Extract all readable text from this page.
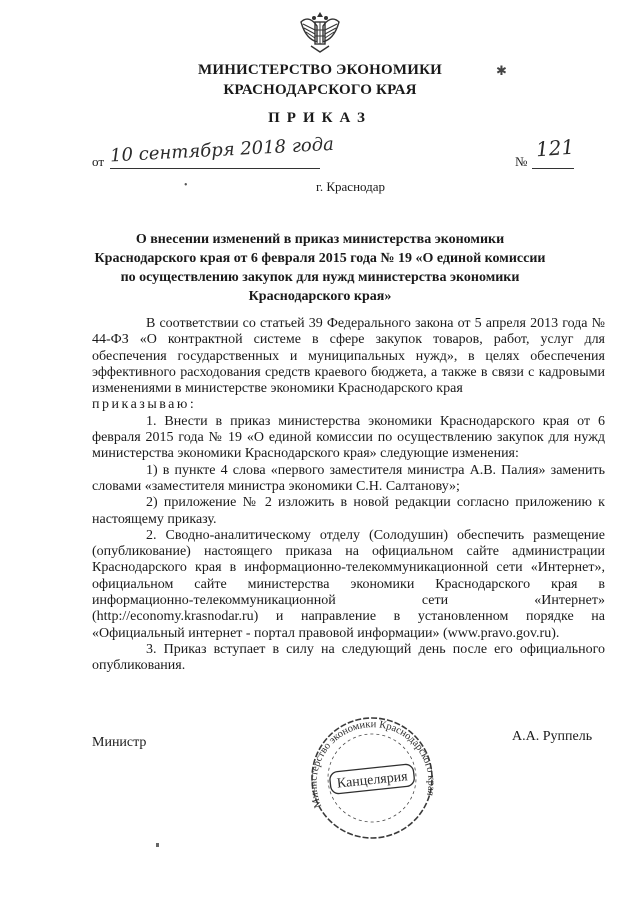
МИНИСТЕРСТВО ЭКОНОМИКИ
КРАСНОДАРСКОГО КРАЯ
✱
ПРИКАЗ
от 10 сентября 2018 года	№
121
•	г. Краснодар
О внесении изменений в приказ министерства экономики
Краснодарского края от 6 февраля 2015 года № 19 «О единой комиссии
по осуществлению закупок для нужд министерства экономики
Краснодарского края»

В соответствии со статьей 39 Федерального закона от 5 апреля 2013 года № 44-ФЗ «О контрактной системе в сфере закупок товаров, работ, услуг для обеспечения государственных и муниципальных нужд», в целях обеспечения эффективного расходования средств краевого бюджета, а также в связи с кадровыми изменениями в министерстве экономики Краснодарского края

приказываю:

1. Внести в приказ министерства экономики Краснодарского края от 6 февраля 2015 года № 19 «О единой комиссии по осуществлению закупок для нужд министерства экономики Краснодарского края» следующие изменения:

1) в пункте 4 слова «первого заместителя министра А.В. Палия» заменить словами «заместителя министра экономики С.Н. Салтанову»;

2) приложение № 2 изложить в новой редакции согласно приложению к настоящему приказу.

2. Сводно-аналитическому отделу (Солодушин) обеспечить размещение (опубликование) настоящего приказа на официальном сайте администрации Краснодарского края в информационно-телекоммуникационной сети «Интернет», официальном сайте министерства экономики Краснодарского края в информационно-телекоммуникационной сети «Интернет» (http://economy.krasnodar.ru) и направление в установленном порядке на «Официальный интернет - портал правовой информации» (www.pravo.gov.ru).

3. Приказ вступает в силу на следующий день после его официального опубликования.

Министр	А.А. Руппель
Министерство экономики Краснодарского края
Канцелярия
